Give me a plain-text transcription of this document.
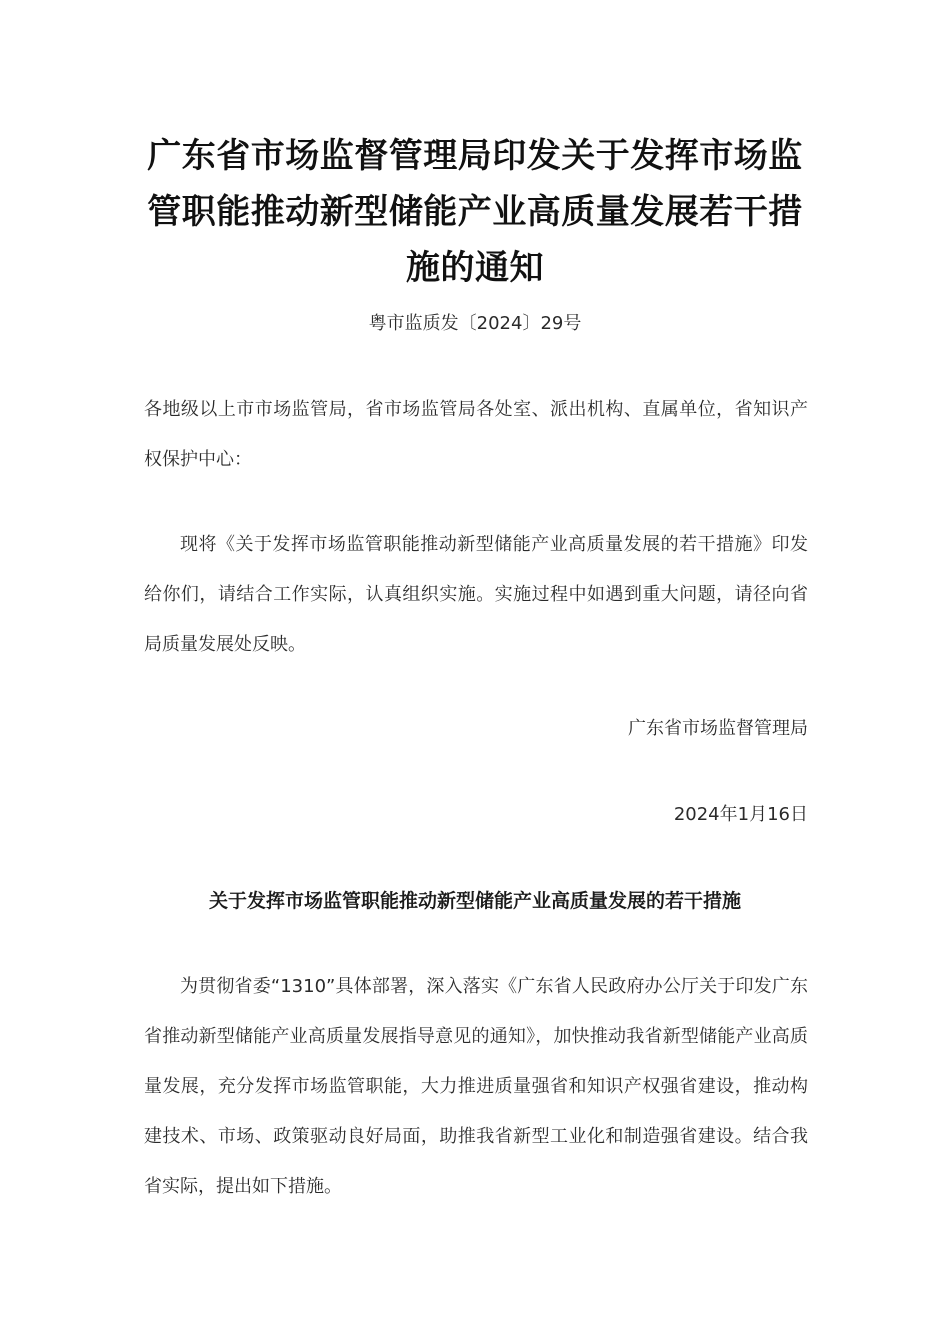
广东省市场监督管理局印发关于发挥市场监管职能推动新型储能产业高质量发展若干措施的通知
粤市监质发〔2024〕29号

各地级以上市市场监管局，省市场监管局各处室、派出机构、直属单位，省知识产权保护中心：

现将《关于发挥市场监管职能推动新型储能产业高质量发展的若干措施》印发给你们，请结合工作实际，认真组织实施。实施过程中如遇到重大问题，请径向省局质量发展处反映。

广东省市场监督管理局
2024年1月16日
关于发挥市场监管职能推动新型储能产业高质量发展的若干措施

为贯彻省委“1310”具体部署，深入落实《广东省人民政府办公厅关于印发广东省推动新型储能产业高质量发展指导意见的通知》，加快推动我省新型储能产业高质量发展，充分发挥市场监管职能，大力推进质量强省和知识产权强省建设，推动构建技术、市场、政策驱动良好局面，助推我省新型工业化和制造强省建设。结合我省实际，提出如下措施。
